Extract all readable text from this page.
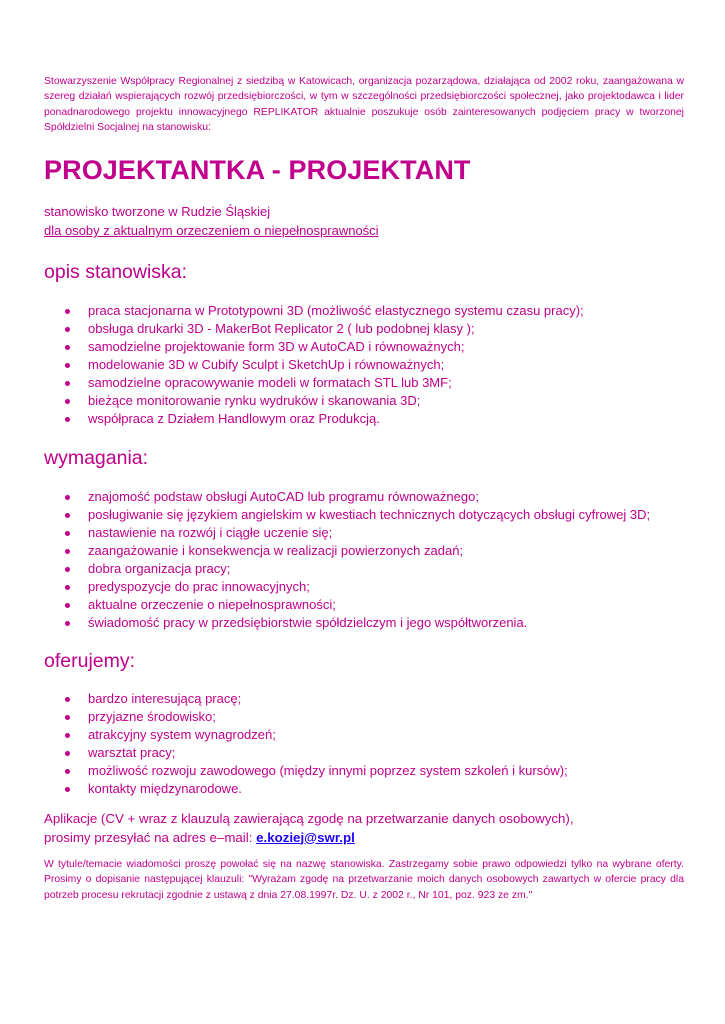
Stowarzyszenie Współpracy Regionalnej z siedzibą w Katowicach, organizacja pozarządowa, działająca od 2002 roku, zaangażowana w szereg działań wspierających rozwój przedsiębiorczości, w tym w szczególności przedsiębiorczości społecznej, jako projektodawca i lider ponadnarodowego projektu innowacyjnego REPLIKATOR aktualnie poszukuje osób zainteresowanych podjęciem pracy w tworzonej Spółdzielni Socjalnej na stanowisku:

PROJEKTANTKA - PROJEKTANT

stanowisko tworzone w Rudzie Śląskiej

dla osoby z aktualnym orzeczeniem o niepełnosprawności

opis stanowiska:
praca stacjonarna w Prototypowni 3D (możliwość elastycznego systemu czasu pracy);
obsługa drukarki 3D - MakerBot Replicator 2 ( lub podobnej klasy );
samodzielne projektowanie form 3D w AutoCAD i równoważnych;
modelowanie 3D w Cubify Sculpt i SketchUp i równoważnych;
samodzielne opracowywanie modeli w formatach STL lub 3MF;
bieżące monitorowanie rynku wydruków i skanowania 3D;
współpraca z Działem Handlowym oraz Produkcją.
wymagania:
znajomość podstaw obsługi AutoCAD lub programu równoważnego;
posługiwanie się językiem angielskim w kwestiach technicznych dotyczących obsługi cyfrowej 3D;
nastawienie na rozwój i ciągłe uczenie się;
zaangażowanie i konsekwencja w realizacji powierzonych zadań;
dobra organizacja pracy;
predyspozycje do prac innowacyjnych;
aktualne orzeczenie o niepełnosprawności;
świadomość pracy w przedsiębiorstwie spółdzielczym i jego współtworzenia.
oferujemy:
bardzo interesującą pracę;
przyjazne środowisko;
atrakcyjny system wynagrodzeń;
warsztat pracy;
możliwość rozwoju zawodowego (między innymi poprzez system szkoleń i kursów);
kontakty międzynarodowe.

Aplikacje (CV + wraz z klauzulą zawierającą zgodę na przetwarzanie danych osobowych),
prosimy przesyłać na adres e–mail: e.koziej@swr.pl

W tytule/temacie wiadomości proszę powołać się na nazwę stanowiska. Zastrzegamy sobie prawo odpowiedzi tylko na wybrane oferty. Prosimy o dopisanie następującej klauzuli: "Wyrażam zgodę na przetwarzanie moich danych osobowych zawartych w ofercie pracy dla potrzeb procesu rekrutacji zgodnie z ustawą z dnia 27.08.1997r. Dz. U. z 2002 r., Nr 101, poz. 923 ze zm."
